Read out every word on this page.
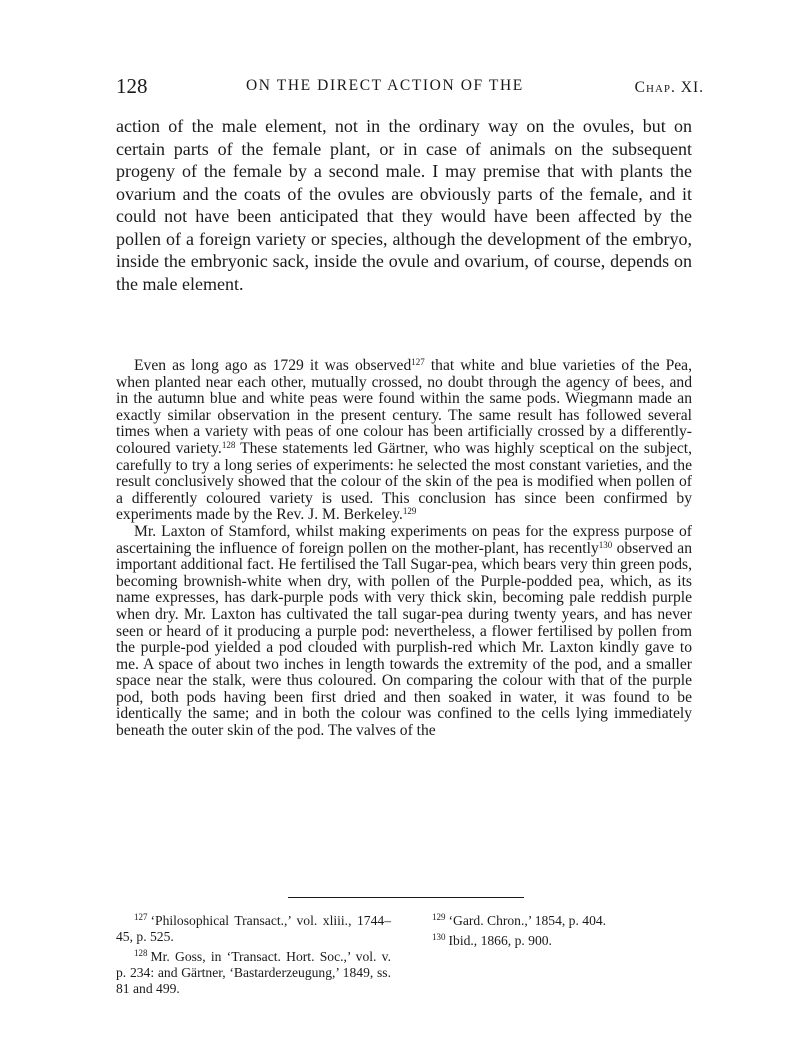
128	ON THE DIRECT ACTION OF THE	Chap. XI.

action of the male element, not in the ordinary way on the ovules, but on certain parts of the female plant, or in case of animals on the subsequent progeny of the female by a second male. I may premise that with plants the ovarium and the coats of the ovules are obviously parts of the female, and it could not have been anticipated that they would have been affected by the pollen of a foreign variety or species, although the development of the embryo, inside the embryonic sack, inside the ovule and ovarium, of course, depends on the male element.

Even as long ago as 1729 it was observed$^{127}$ that white and blue varieties of the Pea, when planted near each other, mutually crossed, no doubt through the agency of bees, and in the autumn blue and white peas were found within the same pods. Wiegmann made an exactly similar observation in the present century. The same result has followed several times when a variety with peas of one colour has been artificially crossed by a differently-coloured variety.$^{128}$ These statements led Gärtner, who was highly sceptical on the subject, carefully to try a long series of experiments: he selected the most constant varieties, and the result conclusively showed that the colour of the skin of the pea is modified when pollen of a differently coloured variety is used. This conclusion has since been confirmed by experiments made by the Rev. J. M. Berkeley.$^{129}$

Mr. Laxton of Stamford, whilst making experiments on peas for the express purpose of ascertaining the influence of foreign pollen on the mother-plant, has recently$^{130}$ observed an important additional fact. He fertilised the Tall Sugar-pea, which bears very thin green pods, becoming brownish-white when dry, with pollen of the Purple-podded pea, which, as its name expresses, has dark-purple pods with very thick skin, becoming pale reddish purple when dry. Mr. Laxton has cultivated the tall sugar-pea during twenty years, and has never seen or heard of it producing a purple pod: nevertheless, a flower fertilised by pollen from the purple-pod yielded a pod clouded with purplish-red which Mr. Laxton kindly gave to me. A space of about two inches in length towards the extremity of the pod, and a smaller space near the stalk, were thus coloured. On comparing the colour with that of the purple pod, both pods having been first dried and then soaked in water, it was found to be identically the same; and in both the colour was confined to the cells lying immediately beneath the outer skin of the pod. The valves of the

$^{127}$ ‘Philosophical Transact.,’ vol. xliii., 1744–45, p. 525.

$^{128}$ Mr. Goss, in ‘Transact. Hort. Soc.,’ vol. v. p. 234: and Gärtner, ‘Bastarderzeugung,’ 1849, ss. 81 and 499.

$^{129}$ ‘Gard. Chron.,’ 1854, p. 404.

$^{130}$ Ibid., 1866, p. 900.
